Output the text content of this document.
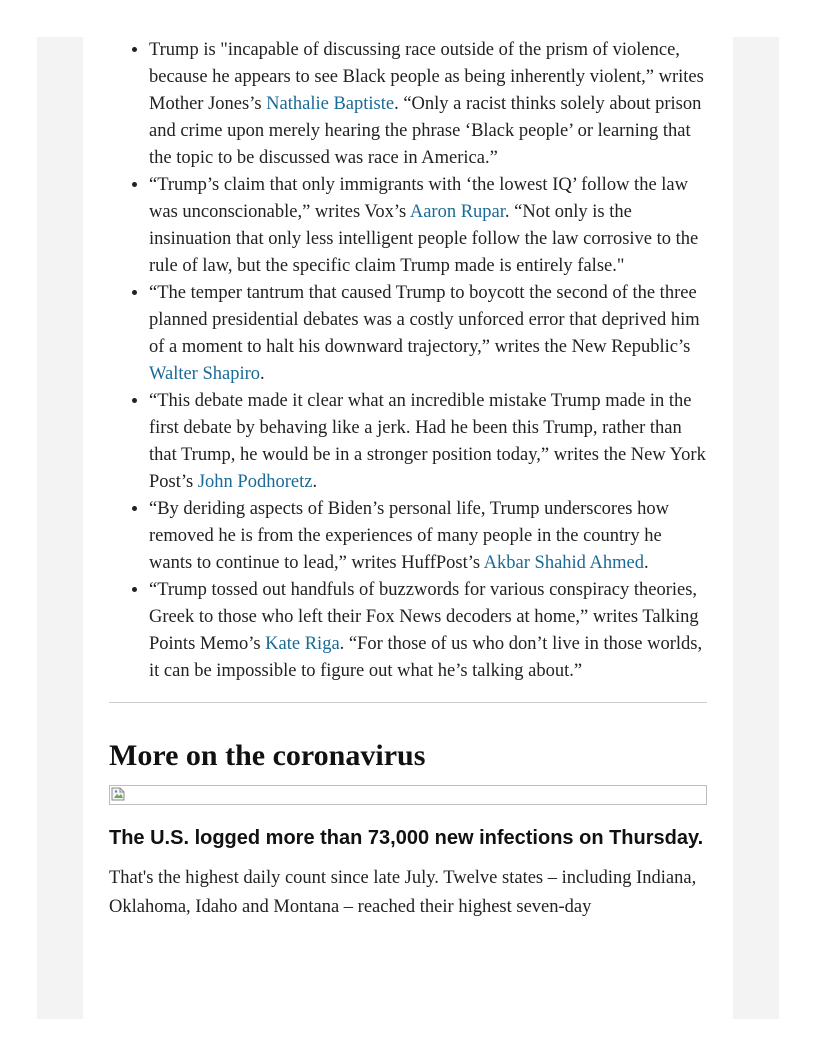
• Trump is "incapable of discussing race outside of the prism of violence, because he appears to see Black people as being inherently violent,” writes Mother Jones’s Nathalie Baptiste. “Only a racist thinks solely about prison and crime upon merely hearing the phrase ‘Black people’ or learning that the topic to be discussed was race in America.”
• “Trump’s claim that only immigrants with ‘the lowest IQ’ follow the law was unconscionable,” writes Vox’s Aaron Rupar. “Not only is the insinuation that only less intelligent people follow the law corrosive to the rule of law, but the specific claim Trump made is entirely false."
• “The temper tantrum that caused Trump to boycott the second of the three planned presidential debates was a costly unforced error that deprived him of a moment to halt his downward trajectory,” writes the New Republic’s Walter Shapiro.
• “This debate made it clear what an incredible mistake Trump made in the first debate by behaving like a jerk. Had he been this Trump, rather than that Trump, he would be in a stronger position today,” writes the New York Post’s John Podhoretz.
• “By deriding aspects of Biden’s personal life, Trump underscores how removed he is from the experiences of many people in the country he wants to continue to lead,” writes HuffPost’s Akbar Shahid Ahmed.
• “Trump tossed out handfuls of buzzwords for various conspiracy theories, Greek to those who left their Fox News decoders at home,” writes Talking Points Memo’s Kate Riga. “For those of us who don’t live in those worlds, it can be impossible to figure out what he’s talking about.”
More on the coronavirus
The U.S. logged more than 73,000 new infections on Thursday.

That's the highest daily count since late July. Twelve states – including Indiana, Oklahoma, Idaho and Montana – reached their highest seven-day
